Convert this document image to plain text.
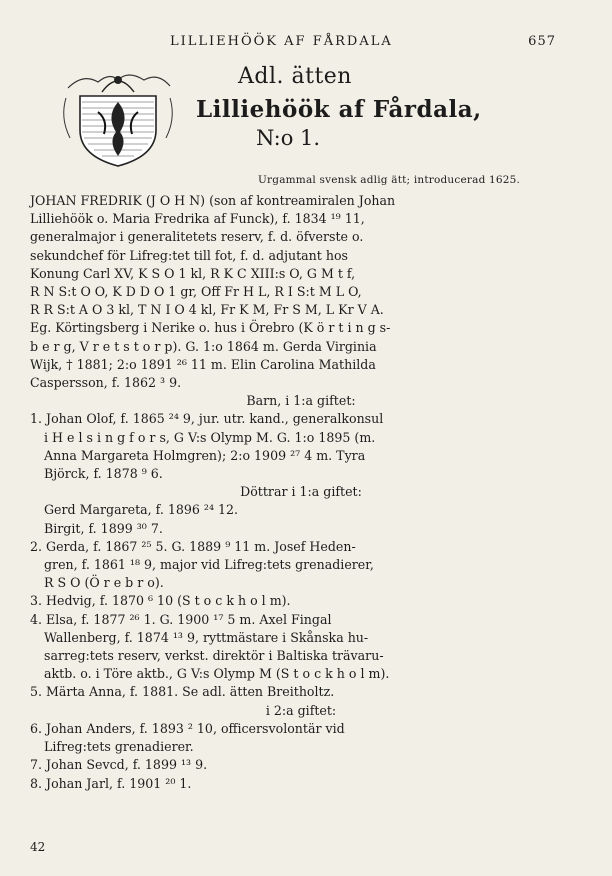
LILLIEHÖÖK AF FÅRDALA	657
Adl. ätten
Lilliehöök af Fårdala,
N:o 1.
Urgammal svensk adlig ätt; introducerad 1625.
JOHAN FREDRIK (J O H N) (son af kontreamiralen Johan
Lilliehöök o. Maria Fredrika af Funck), f. 1834 ¹⁹ 11,
generalmajor i generalitetets reserv, f. d. öfverste o.
sekundchef för Lifreg:tet till fot, f. d. adjutant hos
Konung Carl XV, K S O 1 kl, R K C XIII:s O, G M t f,
R N S:t O O, K D D O 1 gr, Off Fr H L, R I S:t M L O,
R R S:t A O 3 kl, T N I O 4 kl, Fr K M, Fr S M, L Kr V A.
Eg. Körtingsberg i Nerike o. hus i Örebro (K ö r t i n g s-
b e r g, V r e t s t o r p). G. 1:o 1864 m. Gerda Virginia
Wijk, † 1881; 2:o 1891 ²⁶ 11 m. Elin Carolina Mathilda
Caspersson, f. 1862 ³ 9.
Barn, i 1:a giftet:
1. Johan Olof, f. 1865 ²⁴ 9, jur. utr. kand., generalkonsul
i H e l s i n g f o r s, G V:s Olymp M. G. 1:o 1895 (m.
Anna Margareta Holmgren); 2:o 1909 ²⁷ 4 m. Tyra
Björck, f. 1878 ⁹ 6.
Döttrar i 1:a giftet:
Gerd Margareta, f. 1896 ²⁴ 12.
Birgit, f. 1899 ³⁰ 7.
2. Gerda, f. 1867 ²⁵ 5. G. 1889 ⁹ 11 m. Josef Heden-
gren, f. 1861 ¹⁸ 9, major vid Lifreg:tets grenadierer,
R S O (Ö r e b r o).
3. Hedvig, f. 1870 ⁶ 10 (S t o c k h o l m).
4. Elsa, f. 1877 ²⁶ 1. G. 1900 ¹⁷ 5 m. Axel Fingal
Wallenberg, f. 1874 ¹³ 9, ryttmästare i Skånska hu-
sarreg:tets reserv, verkst. direktör i Baltiska trävaru-
aktb. o. i Töre aktb., G V:s Olymp M (S t o c k h o l m).
5. Märta Anna, f. 1881. Se adl. ätten Breitholtz.
i 2:a giftet:
6. Johan Anders, f. 1893 ² 10, officersvolontär vid
Lifreg:tets grenadierer.
7. Johan Sevcd, f. 1899 ¹³ 9.
8. Johan Jarl, f. 1901 ²⁰ 1.
42
